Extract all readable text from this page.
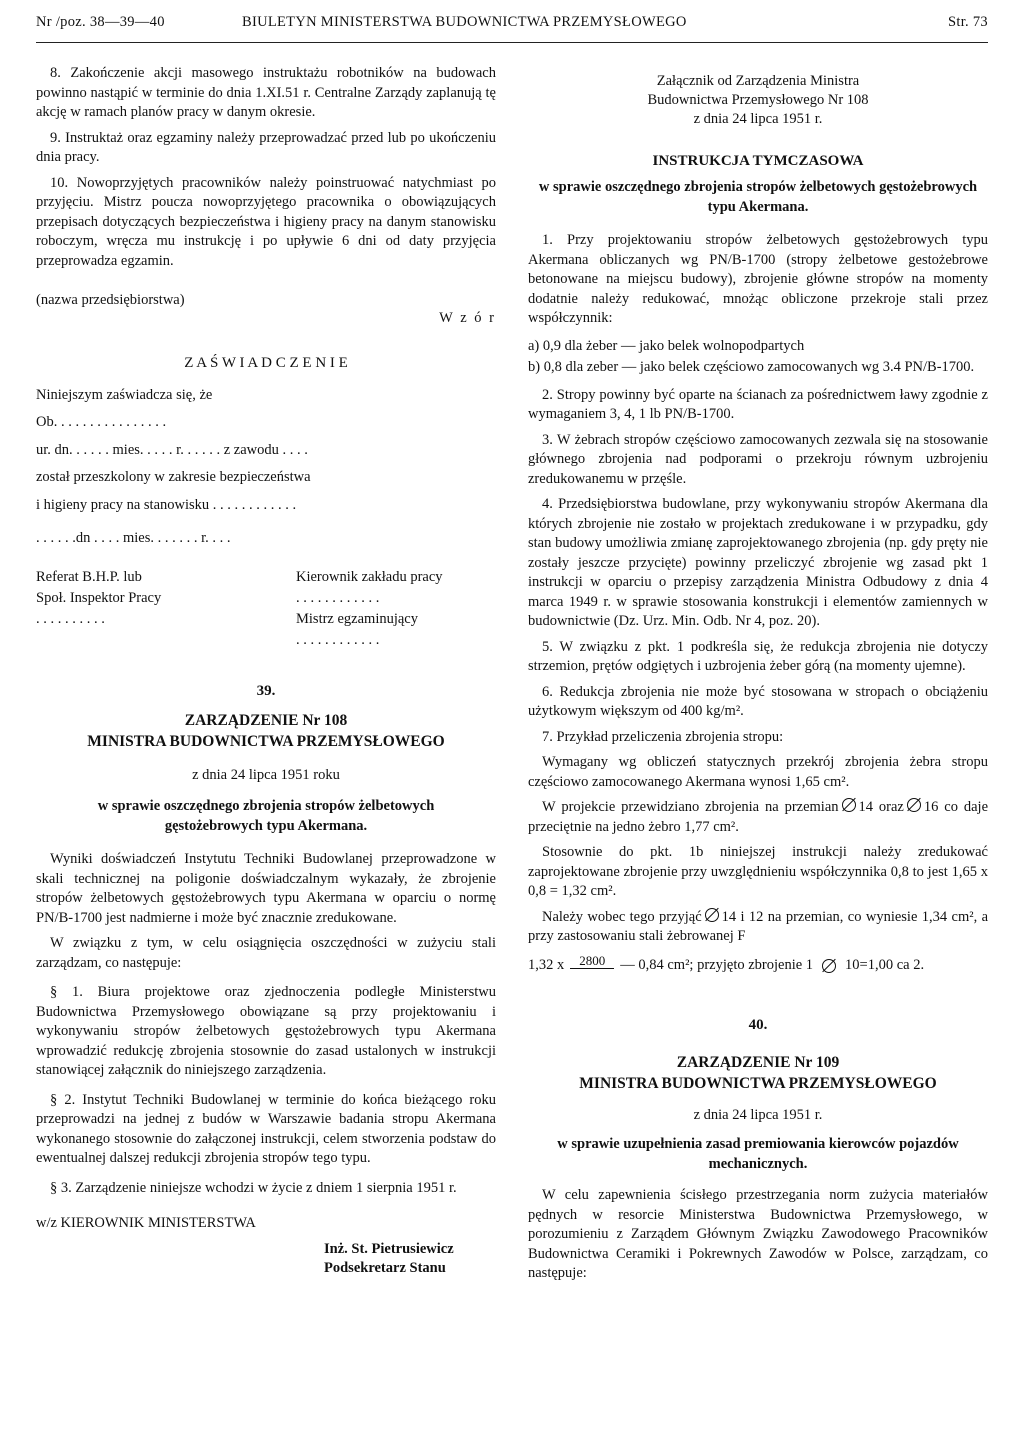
Nr /poz. 38—39—40	BIULETYN MINISTERSTWA BUDOWNICTWA PRZEMYSŁOWEGO	Str. 73

8. Zakończenie akcji masowego instruktażu robotników na budowach powinno nastąpić w terminie do dnia 1.XI.51 r. Centralne Zarządy zaplanują tę akcję w ramach planów pracy w danym okresie.

9. Instruktaż oraz egzaminy należy przeprowadzać przed lub po ukończeniu dnia pracy.

10. Nowoprzyjętych pracowników należy poinstruować natychmiast po przyjęciu. Mistrz poucza nowoprzyjętego pracownika o obowiązujących przepisach dotyczących bezpieczeństwa i higieny pracy na danym stanowisku roboczym, wręcza mu instrukcję i po upływie 6 dni od daty przyjęcia przeprowadza egzamin.

(nazwa przedsiębiorstwa)
W z ó r

Z A Ś W I A D C Z E N I E

Niniejszym zaświadcza się, że

Ob. . . . . . . . . . . . . . . .

ur. dn. . . . . . mies. . . . . r. . . . . . z zawodu . . . .

został przeszkolony w zakresie bezpieczeństwa

i higieny pracy na stanowisku . . . . . . . . . . . .

. . . . . .dn . . . . mies. . . . . . . r. . . .

Referat B.H.P. lub
Społ. Inspektor Pracy
. . . . . . . . . .
Kierownik zakładu pracy
. . . . . . . . . . . .
Mistrz egzaminujący
. . . . . . . . . . . .

39.

ZARZĄDZENIE Nr 108

MINISTRA BUDOWNICTWA PRZEMYSŁOWEGO

z dnia 24 lipca 1951 roku

w sprawie oszczędnego zbrojenia stropów żelbetowych gęstożebrowych typu Akermana.

Wyniki doświadczeń Instytutu Techniki Budowlanej przeprowadzone w skali technicznej na poligonie doświadczalnym wykazały, że zbrojenie stropów żelbetowych gęstożebrowych typu Akermana w oparciu o normę PN/B-1700 jest nadmierne i może być znacznie zredukowane.

W związku z tym, w celu osiągnięcia oszczędności w zużyciu stali zarządzam, co następuje:

§ 1. Biura projektowe oraz zjednoczenia podległe Ministerstwu Budownictwa Przemysłowego obowiązane są przy projektowaniu i wykonywaniu stropów żelbetowych gęstożebrowych typu Akermana wprowadzić redukcję zbrojenia stosownie do zasad ustalonych w instrukcji stanowiącej załącznik do niniejszego zarządzenia.

§ 2. Instytut Techniki Budowlanej w terminie do końca bieżącego roku przeprowadzi na jednej z budów w Warszawie badania stropu Akermana wykonanego stosownie do załączonej instrukcji, celem stworzenia podstaw do ewentualnej dalszej redukcji zbrojenia stropów tego typu.

§ 3. Zarządzenie niniejsze wchodzi w życie z dniem 1 sierpnia 1951 r.

w/z KIEROWNIK MINISTERSTWA

Inż. St. Pietrusiewicz

Podsekretarz Stanu

Załącznik od Zarządzenia Ministra
Budownictwa Przemysłowego Nr 108
z dnia 24 lipca 1951 r.

INSTRUKCJA TYMCZASOWA

w sprawie oszczędnego zbrojenia stropów żelbetowych gęstożebrowych typu Akermana.

1. Przy projektowaniu stropów żelbetowych gęstożebrowych typu Akermana obliczanych wg PN/B-1700 (stropy żelbetowe gestożebrowe betonowane na miejscu budowy), zbrojenie główne stropów na momenty dodatnie należy redukować, mnożąc obliczone przekroje stali przez współczynnik:

a) 0,9 dla żeber — jako belek wolnopodpartych

b) 0,8 dla zeber — jako belek częściowo zamocowanych wg 3.4 PN/B-1700.

2. Stropy powinny być oparte na ścianach za pośrednictwem ławy zgodnie z wymaganiem 3, 4, 1 lb PN/B-1700.

3. W żebrach stropów częściowo zamocowanych zezwala się na stosowanie głównego zbrojenia nad podporami o przekroju równym uzbrojeniu zredukowanemu w przęśle.

4. Przedsiębiorstwa budowlane, przy wykonywaniu stropów Akermana dla których zbrojenie nie zostało w projektach zredukowane i w przypadku, gdy stan budowy umożliwia zmianę zaprojektowanego zbrojenia (np. gdy pręty nie zostały jeszcze przycięte) powinny przeliczyć zbrojenie wg zasad pkt 1 instrukcji w oparciu o przepisy zarządzenia Ministra Odbudowy z dnia 4 marca 1949 r. w sprawie stosowania konstrukcji i elementów zamiennych w budownictwie (Dz. Urz. Min. Odb. Nr 4, poz. 20).

5. W związku z pkt. 1 podkreśla się, że redukcja zbrojenia nie dotyczy strzemion, prętów odgiętych i uzbrojenia żeber górą (na momenty ujemne).

6. Redukcja zbrojenia nie może być stosowana w stropach o obciążeniu użytkowym większym od 400 kg/m².

7. Przykład przeliczenia zbrojenia stropu:

Wymagany wg obliczeń statycznych przekrój zbrojenia żebra stropu częściowo zamocowanego Akermana wynosi 1,65 cm².

W projekcie przewidziano zbrojenia na przemian 14 oraz 16 co daje przeciętnie na jedno żebro 1,77 cm².

Stosownie do pkt. 1b niniejszej instrukcji należy zredukować zaprojektowane zbrojenie przy uwzględnieniu współczynnika 0,8 to jest 1,65 x 0,8 = 1,32 cm².

Należy wobec tego przyjąć 14 i 12 na przemian, co wyniesie 1,34 cm², a przy zastosowaniu stali żebrowanej F

1,32 x	2800	— 0,84 cm²; przyjęto zbrojenie 1 10=1,00 ca 2.

40.

ZARZĄDZENIE Nr 109

MINISTRA BUDOWNICTWA PRZEMYSŁOWEGO

z dnia 24 lipca 1951 r.

w sprawie uzupełnienia zasad premiowania kierowców pojazdów mechanicznych.

W celu zapewnienia ścisłego przestrzegania norm zużycia materiałów pędnych w resorcie Ministerstwa Budownictwa Przemysłowego, w porozumieniu z Zarządem Głównym Związku Zawodowego Pracowników Budownictwa Ceramiki i Pokrewnych Zawodów w Polsce, zarządzam, co następuje:
